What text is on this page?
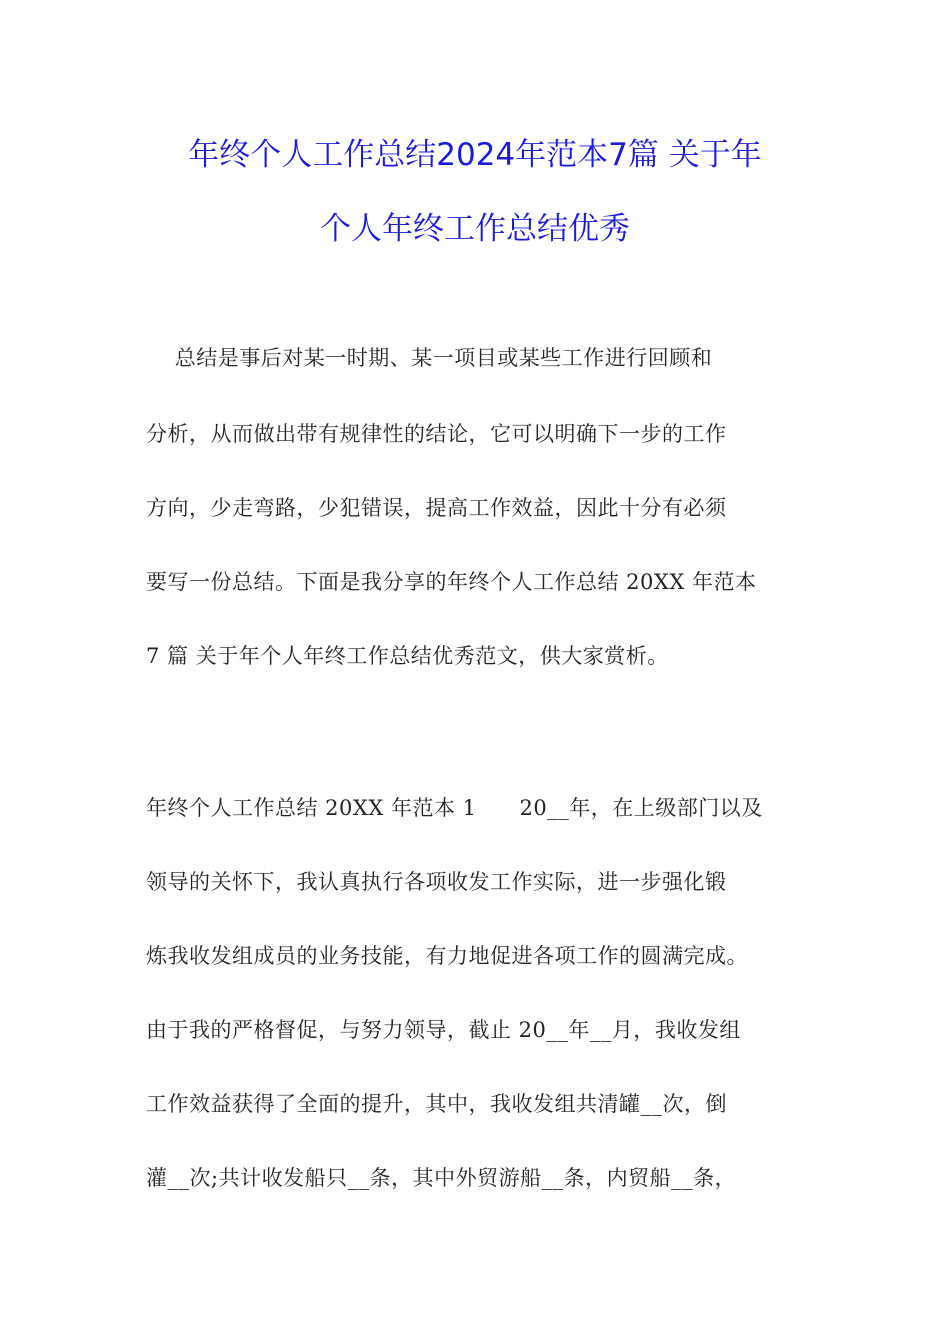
年终个人工作总结2024年范本7篇 关于年
个人年终工作总结优秀
总结是事后对某一时期、某一项目或某些工作进行回顾和
分析，从而做出带有规律性的结论，它可以明确下一步的工作
方向，少走弯路，少犯错误，提高工作效益，因此十分有必须
要写一份总结。下面是我分享的年终个人工作总结 20XX 年范本
7 篇 关于年个人年终工作总结优秀范文，供大家赏析。
年终个人工作总结 20XX 年范本 1      20__年，在上级部门以及
领导的关怀下，我认真执行各项收发工作实际，进一步强化锻
炼我收发组成员的业务技能，有力地促进各项工作的圆满完成。
由于我的严格督促，与努力领导，截止 20__年__月，我收发组
工作效益获得了全面的提升，其中，我收发组共清罐__次，倒
灌__次;共计收发船只__条，其中外贸游船__条，内贸船__条，
